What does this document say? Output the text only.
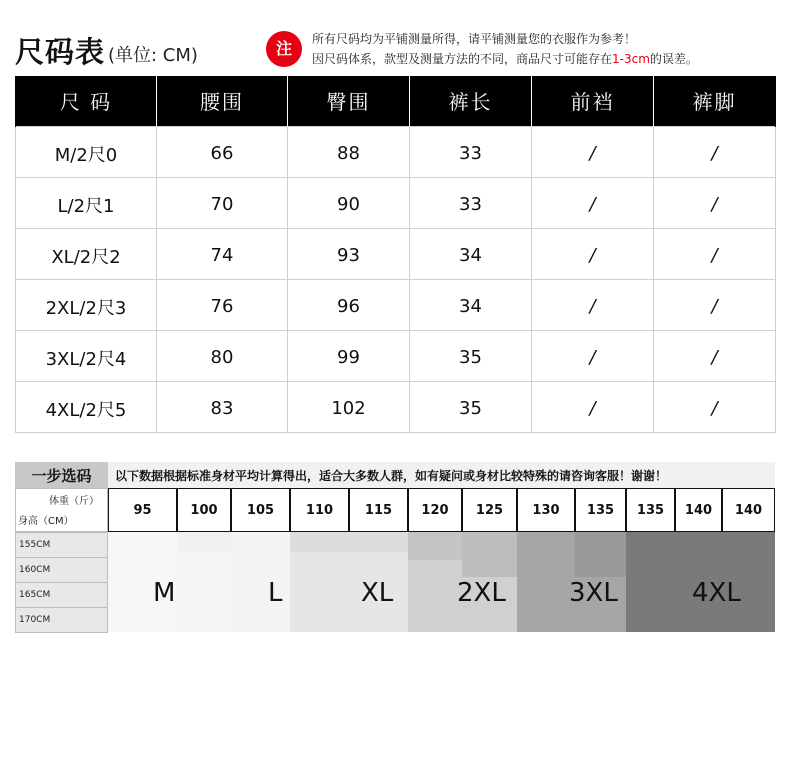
尺码表 (单位: CM)	注	所有尺码均为平铺测量所得，请平铺测量您的衣服作为参考！
因尺码体系，款型及测量方法的不同，商品尺寸可能存在1-3cm的误差。
尺 码	腰围	臀围	裤长	前裆	裤脚
M/2尺0	66	88	33	/	/
L/2尺1	70	90	33	/	/
XL/2尺2	74	93	34	/	/
2XL/2尺3	76	96	34	/	/
3XL/2尺4	80	99	35	/	/
4XL/2尺5	83	102	35	/	/
一步选码	以下数据根据标准身材平均计算得出，适合大多数人群，如有疑问或身材比较特殊的请咨询客服！谢谢！
体重（斤）
身高（CM）
95	100	105	110	115	120	125	130	135	135	140	140
155CM
160CM
165CM
170CM
M	L	XL 2XL 3XL	4XL
